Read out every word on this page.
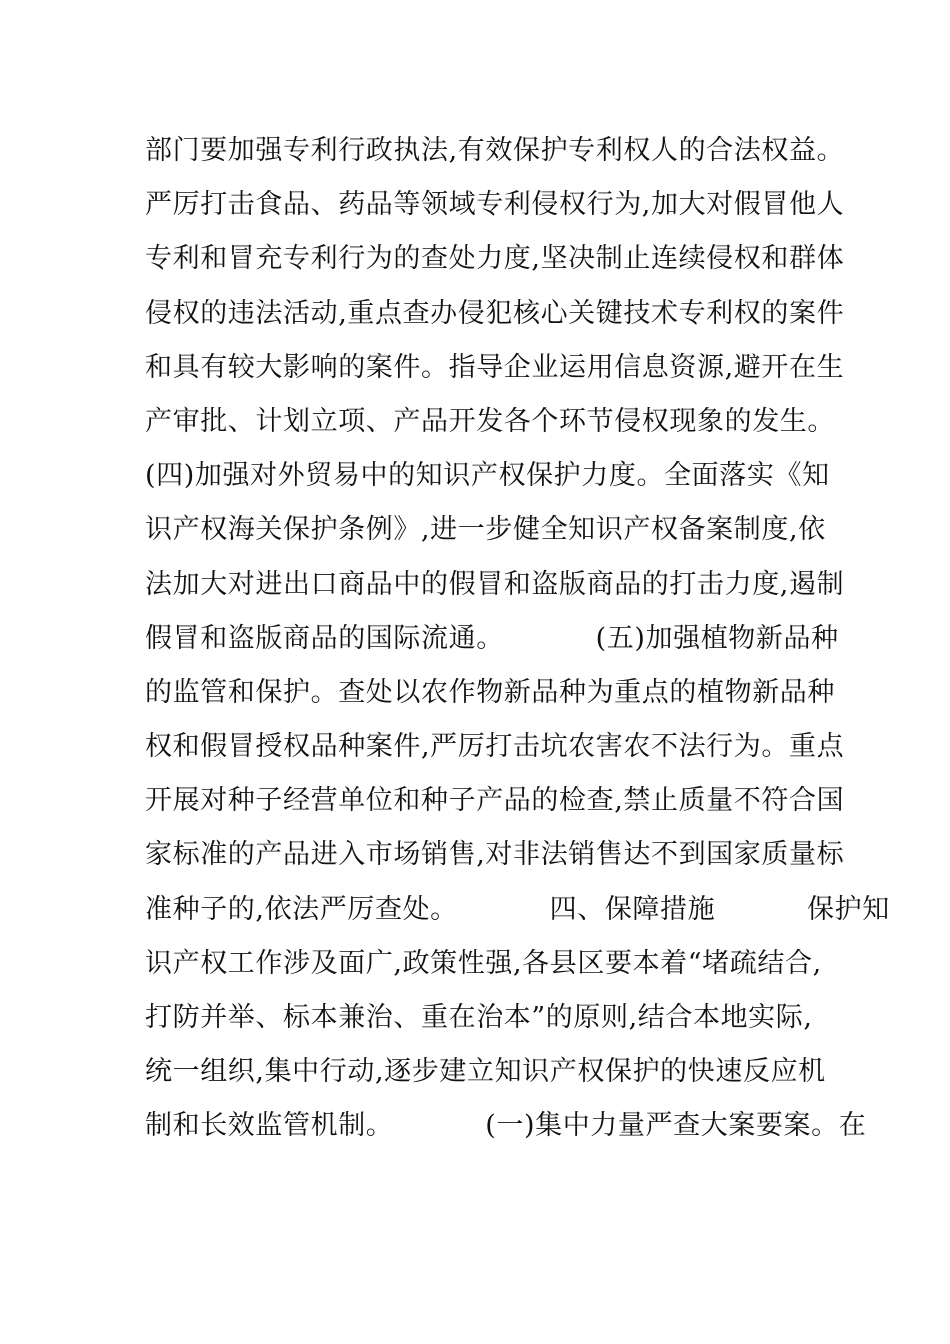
部门要加强专利行政执法,有效保护专利权人的合法权益。
严厉打击食品、药品等领域专利侵权行为,加大对假冒他人
专利和冒充专利行为的查处力度,坚决制止连续侵权和群体
侵权的违法活动,重点查办侵犯核心关键技术专利权的案件
和具有较大影响的案件。指导企业运用信息资源,避开在生
产审批、计划立项、产品开发各个环节侵权现象的发生。
(四)加强对外贸易中的知识产权保护力度。全面落实《知
识产权海关保护条例》,进一步健全知识产权备案制度,依
法加大对进出口商品中的假冒和盗版商品的打击力度,遏制
假冒和盗版商品的国际流通。          (五)加强植物新品种
的监管和保护。查处以农作物新品种为重点的植物新品种
权和假冒授权品种案件,严厉打击坑农害农不法行为。重点
开展对种子经营单位和种子产品的检查,禁止质量不符合国
家标准的产品进入市场销售,对非法销售达不到国家质量标
准种子的,依法严厉查处。          四、保障措施          保护知
识产权工作涉及面广,政策性强,各县区要本着“堵疏结合,
打防并举、标本兼治、重在治本”的原则,结合本地实际,
统一组织,集中行动,逐步建立知识产权保护的快速反应机
制和长效监管机制。          (一)集中力量严查大案要案。在
